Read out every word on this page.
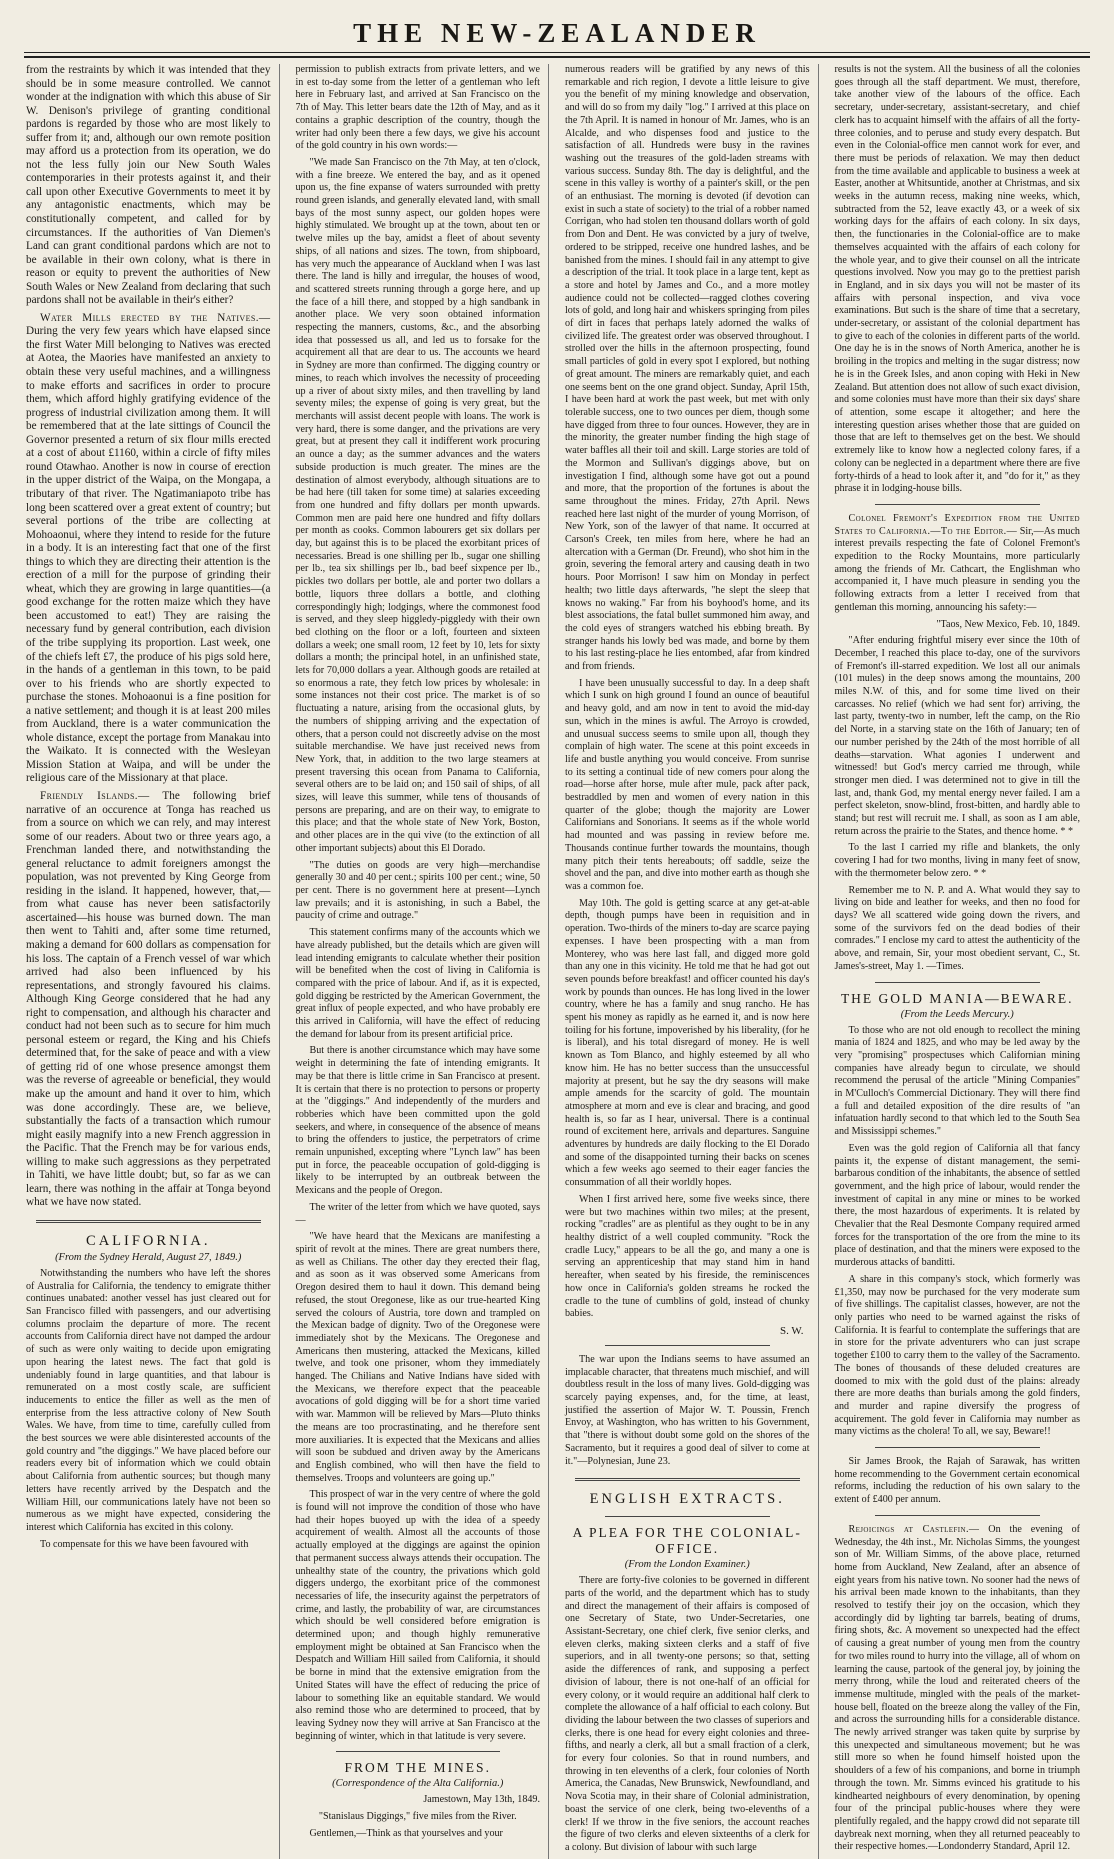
THE NEW-ZEALANDER

from the restraints by which it was intended that they should be in some measure controlled. We cannot wonder at the indignation with which this abuse of Sir W. Denison's privilege of granting conditional pardons is regarded by those who are most likely to suffer from it; and, although our own remote position may afford us a protection from its operation, we do not the less fully join our New South Wales contemporaries in their protests against it, and their call upon other Executive Governments to meet it by any antagonistic enactments, which may be constitutionally competent, and called for by circumstances. If the authorities of Van Diemen's Land can grant conditional pardons which are not to be available in their own colony, what is there in reason or equity to prevent the authorities of New South Wales or New Zealand from declaring that such pardons shall not be available in their's either?

Water Mills erected by the Natives.— During the very few years which have elapsed since the first Water Mill belonging to Natives was erected at Aotea, the Maories have manifested an anxiety to obtain these very useful machines, and a willingness to make efforts and sacrifices in order to procure them, which afford highly gratifying evidence of the progress of industrial civilization among them. It will be remembered that at the late sittings of Council the Governor presented a return of six flour mills erected at a cost of about £1160, within a circle of fifty miles round Otawhao. Another is now in course of erection in the upper district of the Waipa, on the Mongapa, a tributary of that river. The Ngatimaniapoto tribe has long been scattered over a great extent of country; but several portions of the tribe are collecting at Mohoaonui, where they intend to reside for the future in a body. It is an interesting fact that one of the first things to which they are directing their attention is the erection of a mill for the purpose of grinding their wheat, which they are growing in large quantities—(a good exchange for the rotten maize which they have been accustomed to eat!) They are raising the necessary fund by general contribution, each division of the tribe supplying its proportion. Last week, one of the chiefs left £7, the produce of his pigs sold here, in the hands of a gentleman in this town, to be paid over to his friends who are shortly expected to purchase the stones. Mohoaonui is a fine position for a native settlement; and though it is at least 200 miles from Auckland, there is a water communication the whole distance, except the portage from Manakau into the Waikato. It is connected with the Wesleyan Mission Station at Waipa, and will be under the religious care of the Missionary at that place.

Friendly Islands.— The following brief narrative of an occurence at Tonga has reached us from a source on which we can rely, and may interest some of our readers. About two or three years ago, a Frenchman landed there, and notwithstanding the general reluctance to admit foreigners amongst the population, was not prevented by King George from residing in the island. It happened, however, that,—from what cause has never been satisfactorily ascertained—his house was burned down. The man then went to Tahiti and, after some time returned, making a demand for 600 dollars as compensation for his loss. The captain of a French vessel of war which arrived had also been influenced by his representations, and strongly favoured his claims. Although King George considered that he had any right to compensation, and although his character and conduct had not been such as to secure for him much personal esteem or regard, the King and his Chiefs determined that, for the sake of peace and with a view of getting rid of one whose presence amongst them was the reverse of agreeable or beneficial, they would make up the amount and hand it over to him, which was done accordingly. These are, we believe, substantially the facts of a transaction which rumour might easily magnify into a new French aggression in the Pacific. That the French may be for various ends, willing to make such aggressions as they perpetrated in Tahiti, we have little doubt; but, so far as we can learn, there was nothing in the affair at Tonga beyond what we have now stated.

CALIFORNIA.
(From the Sydney Herald, August 27, 1849.)

Notwithstanding the numbers who have left the shores of Australia for California, the tendency to emigrate thither continues unabated: another vessel has just cleared out for San Francisco filled with passengers, and our advertising columns proclaim the departure of more. The recent accounts from California direct have not damped the ardour of such as were only waiting to decide upon emigrating upon hearing the latest news. The fact that gold is undeniably found in large quantities, and that labour is remunerated on a most costly scale, are sufficient inducements to entice the filler as well as the men of enterprise from the less attractive colony of New South Wales. We have, from time to time, carefully culled from the best sources we were able disinterested accounts of the gold country and "the diggings." We have placed before our readers every bit of information which we could obtain about California from authentic sources; but though many letters have recently arrived by the Despatch and the William Hill, our communications lately have not been so numerous as we might have expected, considering the interest which California has excited in this colony.

To compensate for this we have been favoured with

permission to publish extracts from private letters, and we in est to-day some from the letter of a gentleman who left here in February last, and arrived at San Francisco on the 7th of May. This letter bears date the 12th of May, and as it contains a graphic description of the country, though the writer had only been there a few days, we give his account of the gold country in his own words:—

"We made San Francisco on the 7th May, at ten o'clock, with a fine breeze. We entered the bay, and as it opened upon us, the fine expanse of waters surrounded with pretty round green islands, and generally elevated land, with small bays of the most sunny aspect, our golden hopes were highly stimulated. We brought up at the town, about ten or twelve miles up the bay, amidst a fleet of about seventy ships, of all nations and sizes. The town, from shipboard, has very much the appearance of Auckland when I was last there. The land is hilly and irregular, the houses of wood, and scattered streets running through a gorge here, and up the face of a hill there, and stopped by a high sandbank in another place. We very soon obtained information respecting the manners, customs, &c., and the absorbing idea that possessed us all, and led us to forsake for the acquirement all that are dear to us. The accounts we heard in Sydney are more than confirmed. The digging country or mines, to reach which involves the necessity of proceeding up a river of about sixty miles, and then travelling by land seventy miles; the expense of going is very great, but the merchants will assist decent people with loans. The work is very hard, there is some danger, and the privations are very great, but at present they call it indifferent work procuring an ounce a day; as the summer advances and the waters subside production is much greater. The mines are the destination of almost everybody, although situations are to be had here (till taken for some time) at salaries exceeding from one hundred and fifty dollars per month upwards. Common men are paid here one hundred and fifty dollars per month as cooks. Common labourers get six dollars per day, but against this is to be placed the exorbitant prices of necessaries. Bread is one shilling per lb., sugar one shilling per lb., tea six shillings per lb., bad beef sixpence per lb., pickles two dollars per bottle, ale and porter two dollars a bottle, liquors three dollars a bottle, and clothing correspondingly high; lodgings, where the commonest food is served, and they sleep higgledy-piggledy with their own bed clothing on the floor or a loft, fourteen and sixteen dollars a week; one small room, 12 feet by 10, lets for sixty dollars a month; the principal hotel, in an unfinished state, lets for 70,000 dollars a year. Although goods are retailed at so enormous a rate, they fetch low prices by wholesale: in some instances not their cost price. The market is of so fluctuating a nature, arising from the occasional gluts, by the numbers of shipping arriving and the expectation of others, that a person could not discreetly advise on the most suitable merchandise. We have just received news from New York, that, in addition to the two large steamers at present traversing this ocean from Panama to California, several others are to be laid on; and 150 sail of ships, of all sizes, will leave this summer, while tens of thousands of persons are preparing, and are on their way, to emigrate to this place; and that the whole state of New York, Boston, and other places are in the qui vive (to the extinction of all other important subjects) about this El Dorado.

"The duties on goods are very high—merchandise generally 30 and 40 per cent.; spirits 100 per cent.; wine, 50 per cent. There is no government here at present—Lynch law prevails; and it is astonishing, in such a Babel, the paucity of crime and outrage."

This statement confirms many of the accounts which we have already published, but the details which are given will lead intending emigrants to calculate whether their position will be benefited when the cost of living in California is compared with the price of labour. And if, as it is expected, gold digging be restricted by the American Government, the great influx of people expected, and who have probably ere this arrived in California, will have the effect of reducing the demand for labour from its present artificial price.

But there is another circumstance which may have some weight in determining the fate of intending emigrants. It may be that there is little crime in San Francisco at present. It is certain that there is no protection to persons or property at the "diggings." And independently of the murders and robberies which have been committed upon the gold seekers, and where, in consequence of the absence of means to bring the offenders to justice, the perpetrators of crime remain unpunished, excepting where "Lynch law" has been put in force, the peaceable occupation of gold-digging is likely to be interrupted by an outbreak between the Mexicans and the people of Oregon.

The writer of the letter from which we have quoted, says—

"We have heard that the Mexicans are manifesting a spirit of revolt at the mines. There are great numbers there, as well as Chilians. The other day they erected their flag, and as soon as it was observed some Americans from Oregon desired them to haul it down. This demand being refused, the stout Oregonese, like as our true-hearted King served the colours of Austria, tore down and trampled on the Mexican badge of dignity. Two of the Oregonese were immediately shot by the Mexicans. The Oregonese and Americans then mustering, attacked the Mexicans, killed twelve, and took one prisoner, whom they immediately hanged. The Chilians and Native Indians have sided with the Mexicans, we therefore expect that the peaceable avocations of gold digging will be for a short time varied with war. Mammon will be relieved by Mars—Pluto thinks the means are too procrastinating, and he therefore sent more auxiliaries. It is expected that the Mexicans and allies will soon be subdued and driven away by the Americans and English combined, who will then have the field to themselves. Troops and volunteers are going up."

This prospect of war in the very centre of where the gold is found will not improve the condition of those who have had their hopes buoyed up with the idea of a speedy acquirement of wealth. Almost all the accounts of those actually employed at the diggings are against the opinion that permanent success always attends their occupation. The unhealthy state of the country, the privations which gold diggers undergo, the exorbitant price of the commonest necessaries of life, the insecurity against the perpetrators of crime, and lastly, the probability of war, are circumstances which should be well considered before emigration is determined upon; and though highly remunerative employment might be obtained at San Francisco when the Despatch and William Hill sailed from California, it should be borne in mind that the extensive emigration from the United States will have the effect of reducing the price of labour to something like an equitable standard. We would also remind those who are determined to proceed, that by leaving Sydney now they will arrive at San Francisco at the beginning of winter, which in that latitude is very severe.

FROM THE MINES.
(Correspondence of the Alta California.)

Jamestown, May 13th, 1849.

"Stanislaus Diggings," five miles from the River.

Gentlemen,—Think as that yourselves and your

numerous readers will be gratified by any news of this remarkable and rich region, I devote a little leisure to give you the benefit of my mining knowledge and observation, and will do so from my daily "log." I arrived at this place on the 7th April. It is named in honour of Mr. James, who is an Alcalde, and who dispenses food and justice to the satisfaction of all. Hundreds were busy in the ravines washing out the treasures of the gold-laden streams with various success. Sunday 8th. The day is delightful, and the scene in this valley is worthy of a painter's skill, or the pen of an enthusiast. The morning is devoted (if devotion can exist in such a state of society) to the trial of a robber named Corrigan, who had stolen ten thousand dollars worth of gold from Don and Dent. He was convicted by a jury of twelve, ordered to be stripped, receive one hundred lashes, and be banished from the mines. I should fail in any attempt to give a description of the trial. It took place in a large tent, kept as a store and hotel by James and Co., and a more motley audience could not be collected—ragged clothes covering lots of gold, and long hair and whiskers springing from piles of dirt in faces that perhaps lately adorned the walks of civilized life. The greatest order was observed throughout. I strolled over the hills in the afternoon prospecting, found small particles of gold in every spot I explored, but nothing of great amount. The miners are remarkably quiet, and each one seems bent on the one grand object. Sunday, April 15th, I have been hard at work the past week, but met with only tolerable success, one to two ounces per diem, though some have digged from three to four ounces. However, they are in the minority, the greater number finding the high stage of water baffles all their toil and skill. Large stories are told of the Mormon and Sullivan's diggings above, but on investigation I find, although some have got out a pound and more, that the proportion of the fortunes is about the same throughout the mines. Friday, 27th April. News reached here last night of the murder of young Morrison, of New York, son of the lawyer of that name. It occurred at Carson's Creek, ten miles from here, where he had an altercation with a German (Dr. Freund), who shot him in the groin, severing the femoral artery and causing death in two hours. Poor Morrison! I saw him on Monday in perfect health; two little days afterwards, "he slept the sleep that knows no waking." Far from his boyhood's home, and its blest associations, the fatal bullet summoned him away, and the cold eyes of strangers watched his ebbing breath. By stranger hands his lowly bed was made, and borne by them to his last resting-place he lies entombed, afar from kindred and from friends.

I have been unusually successful to day. In a deep shaft which I sunk on high ground I found an ounce of beautiful and heavy gold, and am now in tent to avoid the mid-day sun, which in the mines is awful. The Arroyo is crowded, and unusual success seems to smile upon all, though they complain of high water. The scene at this point exceeds in life and bustle anything you would conceive. From sunrise to its setting a continual tide of new comers pour along the road—horse after horse, mule after mule, pack after pack, bestraddled by men and women of every nation in this quarter of the globe; though the majority are Lower Californians and Sonorians. It seems as if the whole world had mounted and was passing in review before me. Thousands continue further towards the mountains, though many pitch their tents hereabouts; off saddle, seize the shovel and the pan, and dive into mother earth as though she was a common foe.

May 10th. The gold is getting scarce at any get-at-able depth, though pumps have been in requisition and in operation. Two-thirds of the miners to-day are scarce paying expenses. I have been prospecting with a man from Monterey, who was here last fall, and digged more gold than any one in this vicinity. He told me that he had got out seven pounds before breakfast! and officer counted his day's work by pounds than ounces. He has long lived in the lower country, where he has a family and snug rancho. He has spent his money as rapidly as he earned it, and is now here toiling for his fortune, impoverished by his liberality, (for he is liberal), and his total disregard of money. He is well known as Tom Blanco, and highly esteemed by all who know him. He has no better success than the unsuccessful majority at present, but he say the dry seasons will make ample amends for the scarcity of gold. The mountain atmosphere at morn and eve is clear and bracing, and good health is, so far as I hear, universal. There is a continual round of excitement here, arrivals and departures. Sanguine adventures by hundreds are daily flocking to the El Dorado and some of the disappointed turning their backs on scenes which a few weeks ago seemed to their eager fancies the consummation of all their worldly hopes.

When I first arrived here, some five weeks since, there were but two machines within two miles; at the present, rocking "cradles" are as plentiful as they ought to be in any healthy district of a well coupled community. "Rock the cradle Lucy," appears to be all the go, and many a one is serving an apprenticeship that may stand him in hand hereafter, when seated by his fireside, the reminiscences how once in California's golden streams he rocked the cradle to the tune of cumblins of gold, instead of chunky babies.

S. W.

The war upon the Indians seems to have assumed an implacable character, that threatens much mischief, and will doubtless result in the loss of many lives. Gold-digging was scarcely paying expenses, and, for the time, at least, justified the assertion of Major W. T. Poussin, French Envoy, at Washington, who has written to his Government, that "there is without doubt some gold on the shores of the Sacramento, but it requires a good deal of silver to come at it."—Polynesian, June 23.

ENGLISH EXTRACTS.
A PLEA FOR THE COLONIAL-OFFICE.
(From the London Examiner.)

There are forty-five colonies to be governed in different parts of the world, and the department which has to study and direct the management of their affairs is composed of one Secretary of State, two Under-Secretaries, one Assistant-Secretary, one chief clerk, five senior clerks, and eleven clerks, making sixteen clerks and a staff of five superiors, and in all twenty-one persons; so that, setting aside the differences of rank, and supposing a perfect division of labour, there is not one-half of an official for every colony, or it would require an additional half clerk to complete the allowance of a half official to each colony. But dividing the labour between the two classes of superiors and clerks, there is one head for every eight colonies and three-fifths, and nearly a clerk, all but a small fraction of a clerk, for every four colonies. So that in round numbers, and throwing in ten elevenths of a clerk, four colonies of North America, the Canadas, New Brunswick, Newfoundland, and Nova Scotia may, in their share of Colonial administration, boast the service of one clerk, being two-elevenths of a clerk! If we throw in the five seniors, the account reaches the figure of two clerks and eleven sixteenths of a clerk for a colony. But division of labour with such large

results is not the system. All the business of all the colonies goes through all the staff department. We must, therefore, take another view of the labours of the office. Each secretary, under-secretary, assistant-secretary, and chief clerk has to acquaint himself with the affairs of all the forty-three colonies, and to peruse and study every despatch. But even in the Colonial-office men cannot work for ever, and there must be periods of relaxation. We may then deduct from the time available and applicable to business a week at Easter, another at Whitsuntide, another at Christmas, and six weeks in the autumn recess, making nine weeks, which, subtracted from the 52, leave exactly 43, or a week of six working days for the affairs of each colony. In six days, then, the functionaries in the Colonial-office are to make themselves acquainted with the affairs of each colony for the whole year, and to give their counsel on all the intricate questions involved. Now you may go to the prettiest parish in England, and in six days you will not be master of its affairs with personal inspection, and viva voce examinations. But such is the share of time that a secretary, under-secretary, or assistant of the colonial department has to give to each of the colonies in different parts of the world. One day he is in the snows of North America, another he is broiling in the tropics and melting in the sugar distress; now he is in the Greek Isles, and anon coping with Heki in New Zealand. But attention does not allow of such exact division, and some colonies must have more than their six days' share of attention, some escape it altogether; and here the interesting question arises whether those that are guided on those that are left to themselves get on the best. We should extremely like to know how a neglected colony fares, if a colony can be neglected in a department where there are five forty-thirds of a head to look after it, and "do for it," as they phrase it in lodging-house bills.

Colonel Fremont's Expedition from the United States to California.—To the Editor.— Sir,—As much interest prevails respecting the fate of Colonel Fremont's expedition to the Rocky Mountains, more particularly among the friends of Mr. Cathcart, the Englishman who accompanied it, I have much pleasure in sending you the following extracts from a letter I received from that gentleman this morning, announcing his safety:—

"Taos, New Mexico, Feb. 10, 1849.

"After enduring frightful misery ever since the 10th of December, I reached this place to-day, one of the survivors of Fremont's ill-starred expedition. We lost all our animals (101 mules) in the deep snows among the mountains, 200 miles N.W. of this, and for some time lived on their carcasses. No relief (which we had sent for) arriving, the last party, twenty-two in number, left the camp, on the Rio del Norte, in a starving state on the 16th of January; ten of our number perished by the 24th of the most horrible of all deaths—starvation. What agonies I underwent and witnessed! but God's mercy carried me through, while stronger men died. I was determined not to give in till the last, and, thank God, my mental energy never failed. I am a perfect skeleton, snow-blind, frost-bitten, and hardly able to stand; but rest will recruit me. I shall, as soon as I am able, return across the prairie to the States, and thence home. * *

To the last I carried my rifle and blankets, the only covering I had for two months, living in many feet of snow, with the thermometer below zero. * *

Remember me to N. P. and A. What would they say to living on bide and leather for weeks, and then no food for days? We all scattered wide going down the rivers, and some of the survivors fed on the dead bodies of their comrades." I enclose my card to attest the authenticity of the above, and remain, Sir, your most obedient servant, C., St. James's-street, May 1. —Times.

THE GOLD MANIA—BEWARE.
(From the Leeds Mercury.)

To those who are not old enough to recollect the mining mania of 1824 and 1825, and who may be led away by the very "promising" prospectuses which Californian mining companies have already begun to circulate, we should recommend the perusal of the article "Mining Companies" in M'Culloch's Commercial Dictionary. They will there find a full and detailed exposition of the dire results of "an infatuation hardly second to that which led to the South Sea and Mississippi schemes."

Even was the gold region of California all that fancy paints it, the expense of distant management, the semi-barbarous condition of the inhabitants, the absence of settled government, and the high price of labour, would render the investment of capital in any mine or mines to be worked there, the most hazardous of experiments. It is related by Chevalier that the Real Desmonte Company required armed forces for the transportation of the ore from the mine to its place of destination, and that the miners were exposed to the murderous attacks of banditti.

A share in this company's stock, which formerly was £1,350, may now be purchased for the very moderate sum of five shillings. The capitalist classes, however, are not the only parties who need to be warned against the risks of California. It is fearful to contemplate the sufferings that are in store for the private adventurers who can just scrape together £100 to carry them to the valley of the Sacramento. The bones of thousands of these deluded creatures are doomed to mix with the gold dust of the plains: already there are more deaths than burials among the gold finders, and murder and rapine diversify the progress of acquirement. The gold fever in California may number as many victims as the cholera! To all, we say, Beware!!

Sir James Brook, the Rajah of Sarawak, has written home recommending to the Government certain economical reforms, including the reduction of his own salary to the extent of £400 per annum.

Rejoicings at Castlefin.— On the evening of Wednesday, the 4th inst., Mr. Nicholas Simms, the youngest son of Mr. William Simms, of the above place, returned home from Auckland, New Zealand, after an absence of eight years from his native town. No sooner had the news of his arrival been made known to the inhabitants, than they resolved to testify their joy on the occasion, which they accordingly did by lighting tar barrels, beating of drums, firing shots, &c. A movement so unexpected had the effect of causing a great number of young men from the country for two miles round to hurry into the village, all of whom on learning the cause, partook of the general joy, by joining the merry throng, while the loud and reiterated cheers of the immense multitude, mingled with the peals of the market-house bell, floated on the breeze along the valley of the Fin, and across the surrounding hills for a considerable distance. The newly arrived stranger was taken quite by surprise by this unexpected and simultaneous movement; but he was still more so when he found himself hoisted upon the shoulders of a few of his companions, and borne in triumph through the town. Mr. Simms evinced his gratitude to his kindhearted neighbours of every denomination, by opening four of the principal public-houses where they were plentifully regaled, and the happy crowd did not separate till daybreak next morning, when they all returned peaceably to their respective homes.—Londonderry Standard, April 12.
